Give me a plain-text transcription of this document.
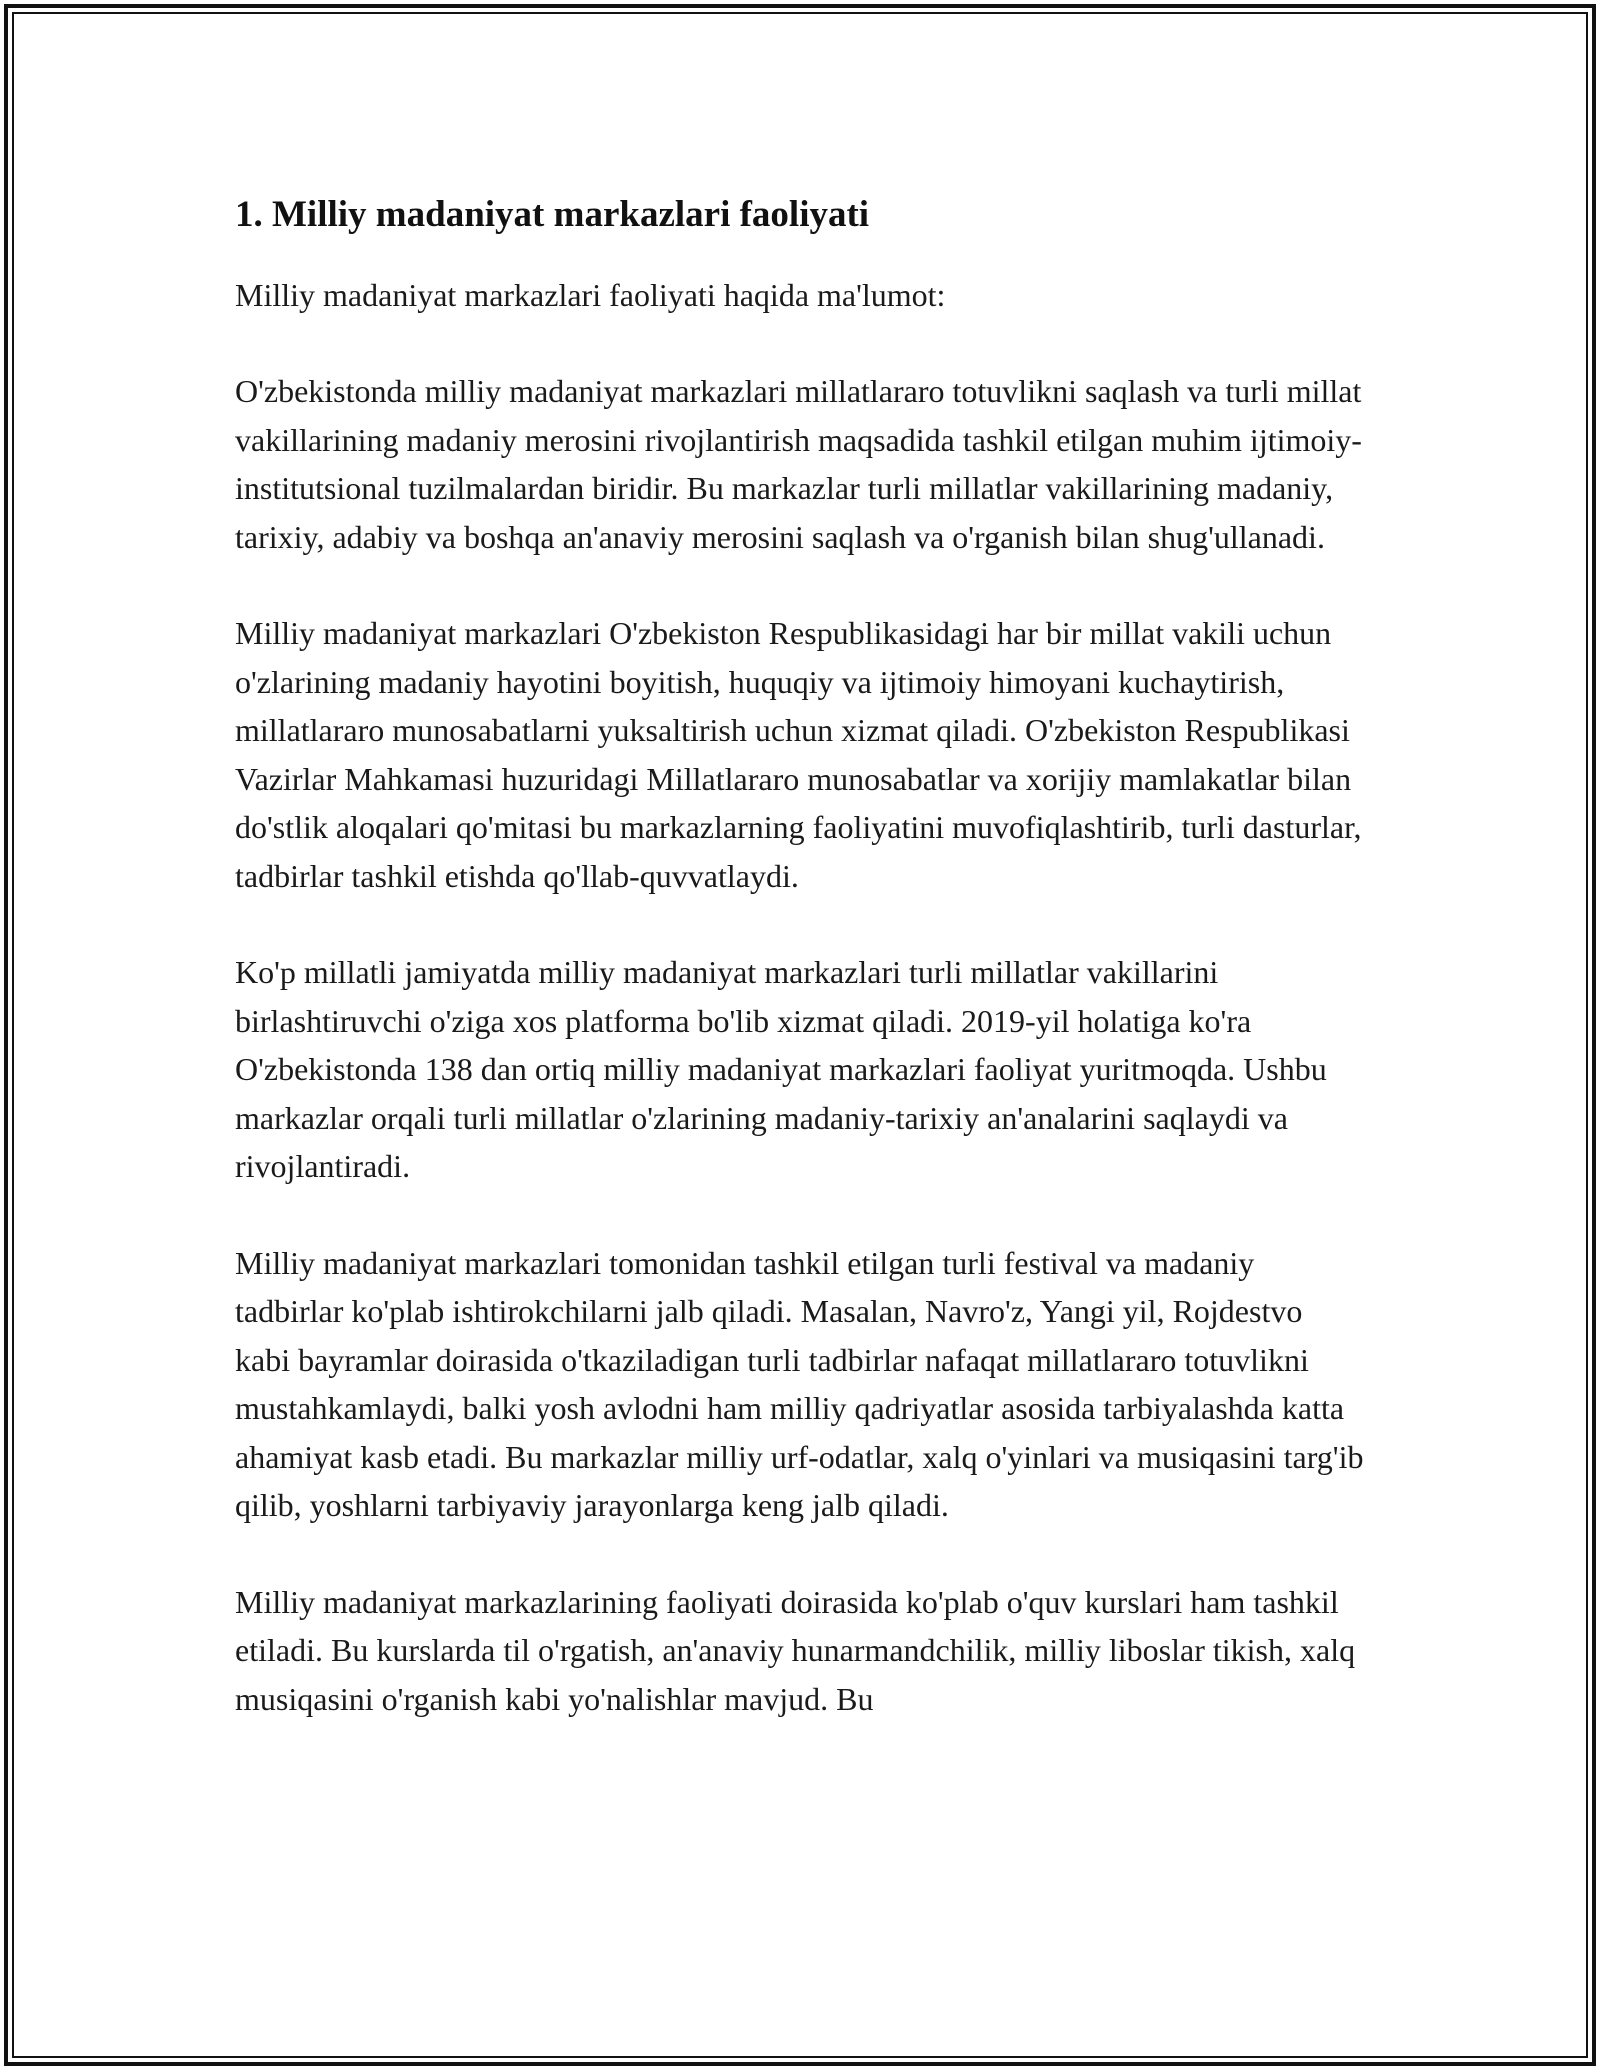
1. Milliy madaniyat markazlari faoliyati

Milliy madaniyat markazlari faoliyati haqida ma'lumot:

O'zbekistonda milliy madaniyat markazlari millatlararo totuvlikni saqlash va turli millat vakillarining madaniy merosini rivojlantirish maqsadida tashkil etilgan muhim ijtimoiy-institutsional tuzilmalardan biridir. Bu markazlar turli millatlar vakillarining madaniy, tarixiy, adabiy va boshqa an'anaviy merosini saqlash va o'rganish bilan shug'ullanadi.

Milliy madaniyat markazlari O'zbekiston Respublikasidagi har bir millat vakili uchun o'zlarining madaniy hayotini boyitish, huquqiy va ijtimoiy himoyani kuchaytirish, millatlararo munosabatlarni yuksaltirish uchun xizmat qiladi. O'zbekiston Respublikasi Vazirlar Mahkamasi huzuridagi Millatlararo munosabatlar va xorijiy mamlakatlar bilan do'stlik aloqalari qo'mitasi bu markazlarning faoliyatini muvofiqlashtirib, turli dasturlar, tadbirlar tashkil etishda qo'llab-quvvatlaydi.

Ko'p millatli jamiyatda milliy madaniyat markazlari turli millatlar vakillarini birlashtiruvchi o'ziga xos platforma bo'lib xizmat qiladi. 2019-yil holatiga ko'ra O'zbekistonda 138 dan ortiq milliy madaniyat markazlari faoliyat yuritmoqda. Ushbu markazlar orqali turli millatlar o'zlarining madaniy-tarixiy an'analarini saqlaydi va rivojlantiradi.

Milliy madaniyat markazlari tomonidan tashkil etilgan turli festival va madaniy tadbirlar ko'plab ishtirokchilarni jalb qiladi. Masalan, Navro'z, Yangi yil, Rojdestvo kabi bayramlar doirasida o'tkaziladigan turli tadbirlar nafaqat millatlararo totuvlikni mustahkamlaydi, balki yosh avlodni ham milliy qadriyatlar asosida tarbiyalashda katta ahamiyat kasb etadi. Bu markazlar milliy urf-odatlar, xalq o'yinlari va musiqasini targ'ib qilib, yoshlarni tarbiyaviy jarayonlarga keng jalb qiladi.

Milliy madaniyat markazlarining faoliyati doirasida ko'plab o'quv kurslari ham tashkil etiladi. Bu kurslarda til o'rgatish, an'anaviy hunarmandchilik, milliy liboslar tikish, xalq musiqasini o'rganish kabi yo'nalishlar mavjud. Bu
